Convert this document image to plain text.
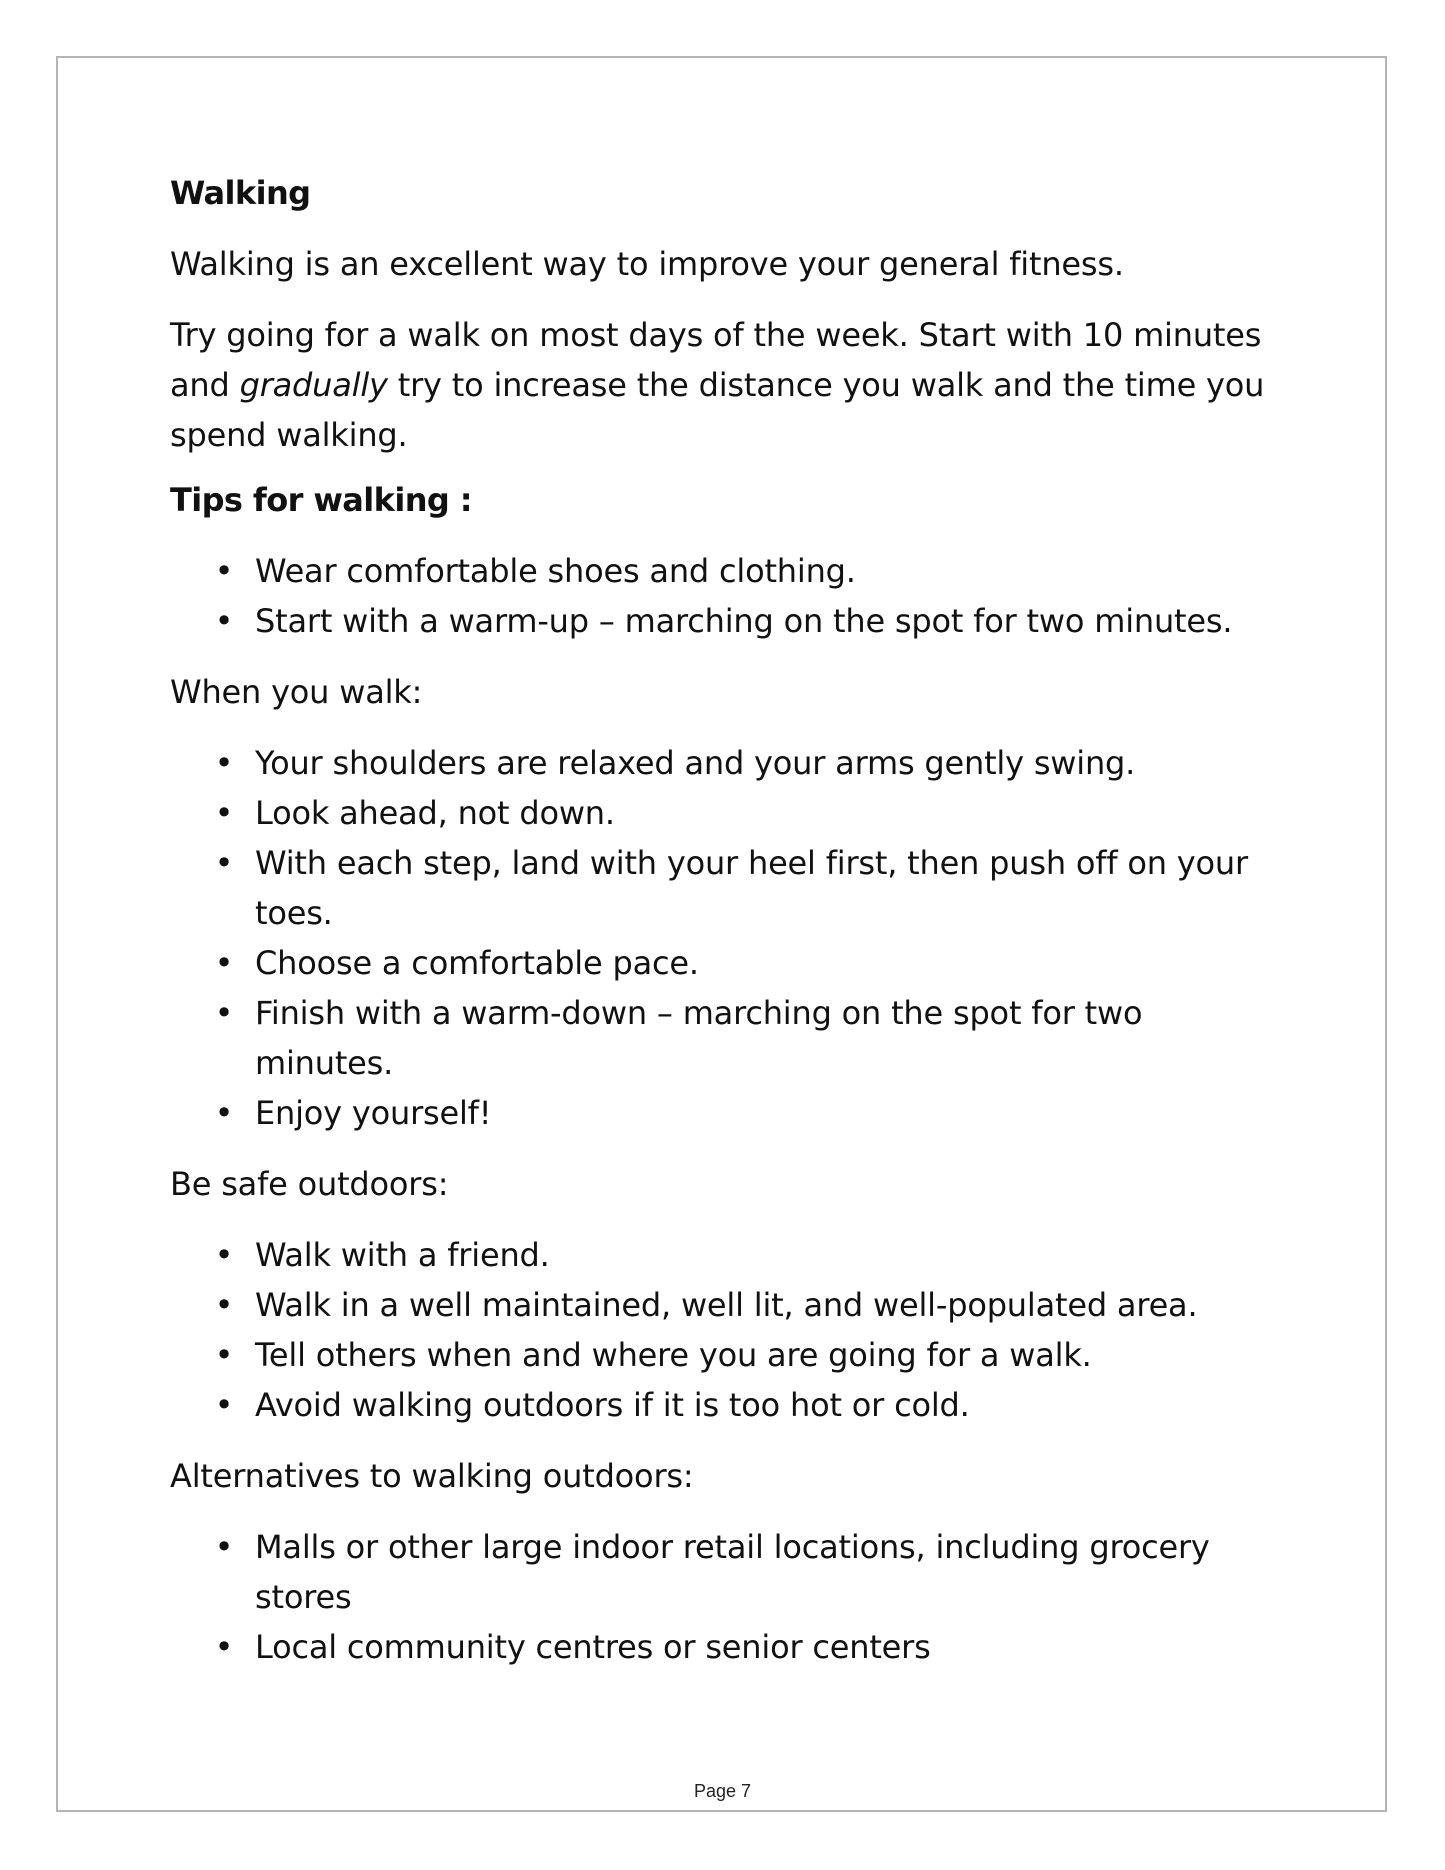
Walking
Walking is an excellent way to improve your general fitness.
Try going for a walk on most days of the week. Start with 10 minutes and gradually try to increase the distance you walk and the time you spend walking.
Tips for walking :
• Wear comfortable shoes and clothing.
• Start with a warm-up – marching on the spot for two minutes.
When you walk:
• Your shoulders are relaxed and your arms gently swing.
• Look ahead, not down.
• With each step, land with your heel first, then push off on your toes.
• Choose a comfortable pace.
• Finish with a warm-down – marching on the spot for two minutes.
• Enjoy yourself!
Be safe outdoors:
• Walk with a friend.
• Walk in a well maintained, well lit, and well-populated area.
• Tell others when and where you are going for a walk.
• Avoid walking outdoors if it is too hot or cold.
Alternatives to walking outdoors:
• Malls or other large indoor retail locations, including grocery stores
• Local community centres or senior centers
Page 7
